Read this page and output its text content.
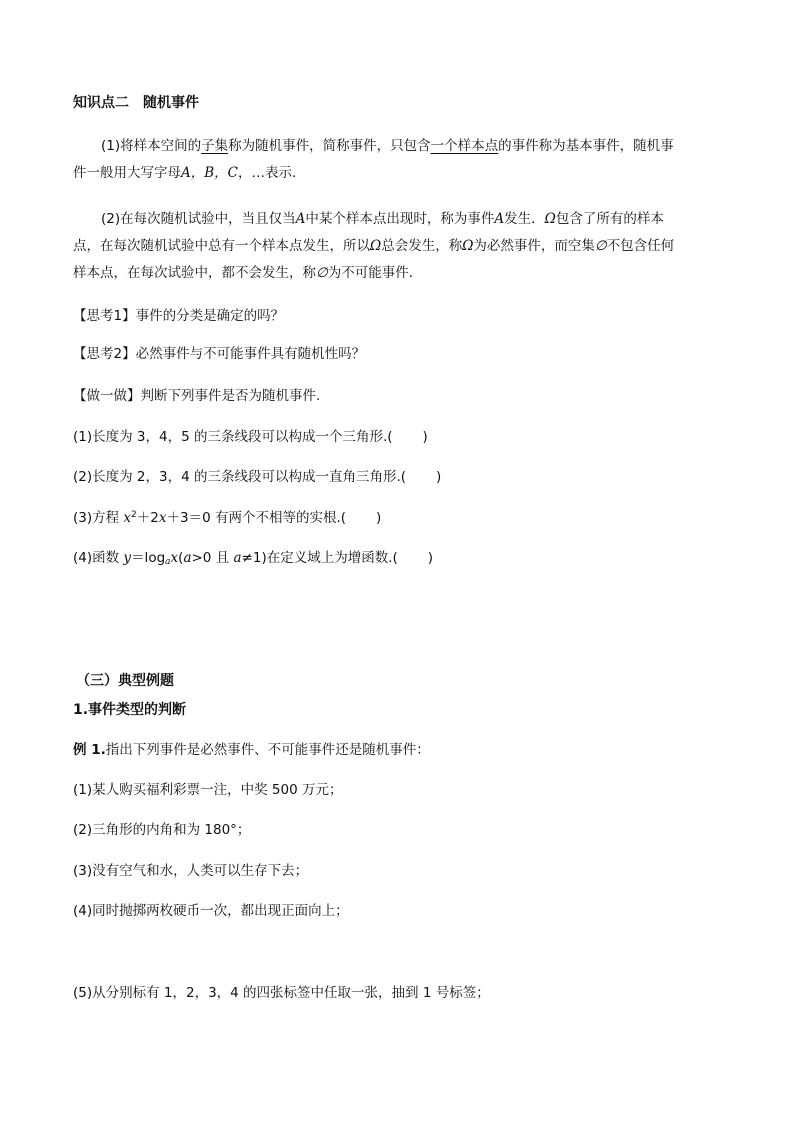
知识点二　随机事件
(1)将样本空间的子集称为随机事件，简称事件，只包含一个样本点的事件称为基本事件，随机事
件一般用大写字母A，B，C，…表示．
(2)在每次随机试验中，当且仅当A中某个样本点出现时，称为事件A发生．Ω包含了所有的样本
点，在每次随机试验中总有一个样本点发生，所以Ω总会发生，称Ω为必然事件，而空集∅不包含任何
样本点，在每次试验中，都不会发生，称∅为不可能事件．
【思考1】事件的分类是确定的吗？
【思考2】必然事件与不可能事件具有随机性吗？
【做一做】判断下列事件是否为随机事件.
(1)长度为 3，4，5 的三条线段可以构成一个三角形.( )
(2)长度为 2，3，4 的三条线段可以构成一直角三角形.( )
(3)方程 $x^2+2x+3=0$ 有两个不相等的实根.( )
(4)函数 $y=\log_ax(a>0$ 且 a≠1)在定义域上为增函数.( )
（三）典型例题
1.事件类型的判断
例 1.指出下列事件是必然事件、不可能事件还是随机事件：
(1)某人购买福利彩票一注，中奖 500 万元；
(2)三角形的内角和为 180°；
(3)没有空气和水，人类可以生存下去；
(4)同时抛掷两枚硬币一次，都出现正面向上；
(5)从分别标有 1，2，3，4 的四张标签中任取一张，抽到 1 号标签；
